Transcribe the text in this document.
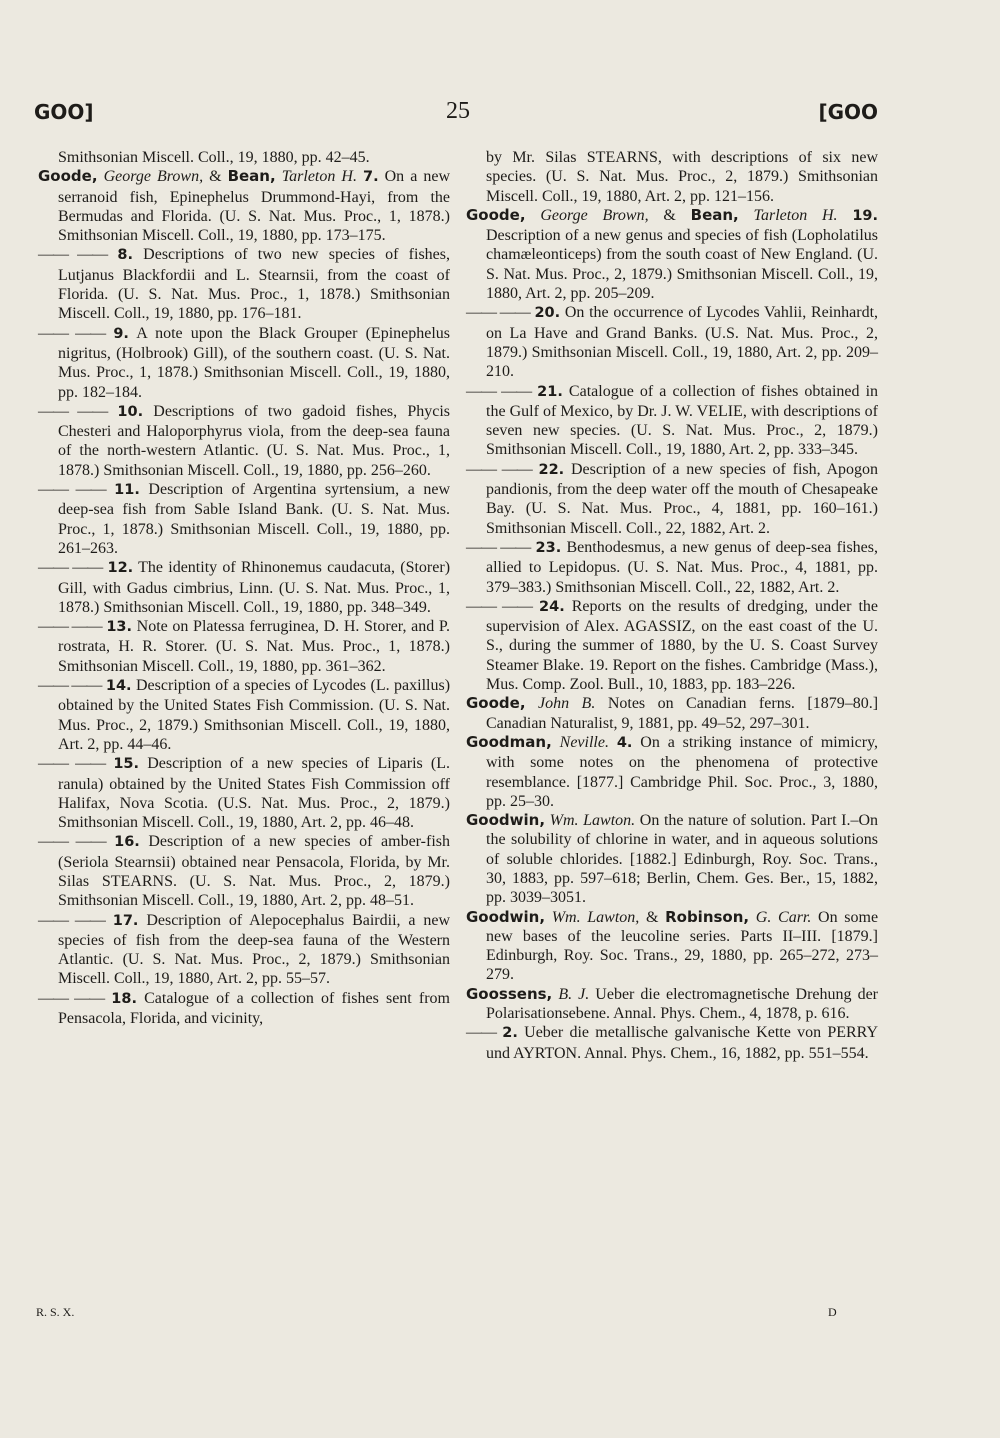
GOO]	25	[GOO

Smithsonian Miscell. Coll., 19, 1880, pp. 42–45.

Goode, George Brown, & Bean, Tarleton H. 7. On a new serranoid fish, Epinephelus Drummond-Hayi, from the Bermudas and Florida. (U. S. Nat. Mus. Proc., 1, 1878.) Smithsonian Miscell. Coll., 19, 1880, pp. 173–175.

—— —— 8. Descriptions of two new species of fishes, Lutjanus Blackfordii and L. Stearnsii, from the coast of Florida. (U. S. Nat. Mus. Proc., 1, 1878.) Smithsonian Miscell. Coll., 19, 1880, pp. 176–181.

—— —— 9. A note upon the Black Grouper (Epinephelus nigritus, (Holbrook) Gill), of the southern coast. (U. S. Nat. Mus. Proc., 1, 1878.) Smithsonian Miscell. Coll., 19, 1880, pp. 182–184.

—— —— 10. Descriptions of two gadoid fishes, Phycis Chesteri and Haloporphyrus viola, from the deep-sea fauna of the north-western Atlantic. (U. S. Nat. Mus. Proc., 1, 1878.) Smithsonian Miscell. Coll., 19, 1880, pp. 256–260.

—— —— 11. Description of Argentina syrtensium, a new deep-sea fish from Sable Island Bank. (U. S. Nat. Mus. Proc., 1, 1878.) Smithsonian Miscell. Coll., 19, 1880, pp. 261–263.

—— —— 12. The identity of Rhinonemus caudacuta, (Storer) Gill, with Gadus cimbrius, Linn. (U. S. Nat. Mus. Proc., 1, 1878.) Smithsonian Miscell. Coll., 19, 1880, pp. 348–349.

—— —— 13. Note on Platessa ferruginea, D. H. Storer, and P. rostrata, H. R. Storer. (U. S. Nat. Mus. Proc., 1, 1878.) Smithsonian Miscell. Coll., 19, 1880, pp. 361–362.

—— —— 14. Description of a species of Lycodes (L. paxillus) obtained by the United States Fish Commission. (U. S. Nat. Mus. Proc., 2, 1879.) Smithsonian Miscell. Coll., 19, 1880, Art. 2, pp. 44–46.

—— —— 15. Description of a new species of Liparis (L. ranula) obtained by the United States Fish Commission off Halifax, Nova Scotia. (U.S. Nat. Mus. Proc., 2, 1879.) Smithsonian Miscell. Coll., 19, 1880, Art. 2, pp. 46–48.

—— —— 16. Description of a new species of amber-fish (Seriola Stearnsii) obtained near Pensacola, Florida, by Mr. Silas STEARNS. (U. S. Nat. Mus. Proc., 2, 1879.) Smithsonian Miscell. Coll., 19, 1880, Art. 2, pp. 48–51.

—— —— 17. Description of Alepocephalus Bairdii, a new species of fish from the deep-sea fauna of the Western Atlantic. (U. S. Nat. Mus. Proc., 2, 1879.) Smithsonian Miscell. Coll., 19, 1880, Art. 2, pp. 55–57.

—— —— 18. Catalogue of a collection of fishes sent from Pensacola, Florida, and vicinity,

by Mr. Silas STEARNS, with descriptions of six new species. (U. S. Nat. Mus. Proc., 2, 1879.) Smithsonian Miscell. Coll., 19, 1880, Art. 2, pp. 121–156.

Goode, George Brown, & Bean, Tarleton H. 19. Description of a new genus and species of fish (Lopholatilus chamæleonticeps) from the south coast of New England. (U. S. Nat. Mus. Proc., 2, 1879.) Smithsonian Miscell. Coll., 19, 1880, Art. 2, pp. 205–209.

—— —— 20. On the occurrence of Lycodes Vahlii, Reinhardt, on La Have and Grand Banks. (U.S. Nat. Mus. Proc., 2, 1879.) Smithsonian Miscell. Coll., 19, 1880, Art. 2, pp. 209–210.

—— —— 21. Catalogue of a collection of fishes obtained in the Gulf of Mexico, by Dr. J. W. VELIE, with descriptions of seven new species. (U. S. Nat. Mus. Proc., 2, 1879.) Smithsonian Miscell. Coll., 19, 1880, Art. 2, pp. 333–345.

—— —— 22. Description of a new species of fish, Apogon pandionis, from the deep water off the mouth of Chesapeake Bay. (U. S. Nat. Mus. Proc., 4, 1881, pp. 160–161.) Smithsonian Miscell. Coll., 22, 1882, Art. 2.

—— —— 23. Benthodesmus, a new genus of deep-sea fishes, allied to Lepidopus. (U. S. Nat. Mus. Proc., 4, 1881, pp. 379–383.) Smithsonian Miscell. Coll., 22, 1882, Art. 2.

—— —— 24. Reports on the results of dredging, under the supervision of Alex. AGASSIZ, on the east coast of the U. S., during the summer of 1880, by the U. S. Coast Survey Steamer Blake. 19. Report on the fishes. Cambridge (Mass.), Mus. Comp. Zool. Bull., 10, 1883, pp. 183–226.

Goode, John B. Notes on Canadian ferns. [1879–80.] Canadian Naturalist, 9, 1881, pp. 49–52, 297–301.

Goodman, Neville. 4. On a striking instance of mimicry, with some notes on the phenomena of protective resemblance. [1877.] Cambridge Phil. Soc. Proc., 3, 1880, pp. 25–30.

Goodwin, Wm. Lawton. On the nature of solution. Part I.–On the solubility of chlorine in water, and in aqueous solutions of soluble chlorides. [1882.] Edinburgh, Roy. Soc. Trans., 30, 1883, pp. 597–618; Berlin, Chem. Ges. Ber., 15, 1882, pp. 3039–3051.

Goodwin, Wm. Lawton, & Robinson, G. Carr. On some new bases of the leucoline series. Parts II–III. [1879.] Edinburgh, Roy. Soc. Trans., 29, 1880, pp. 265–272, 273–279.

Goossens, B. J. Ueber die electromagnetische Drehung der Polarisationsebene. Annal. Phys. Chem., 4, 1878, p. 616.

—— 2. Ueber die metallische galvanische Kette von PERRY und AYRTON. Annal. Phys. Chem., 16, 1882, pp. 551–554.

R. S. X.	D
